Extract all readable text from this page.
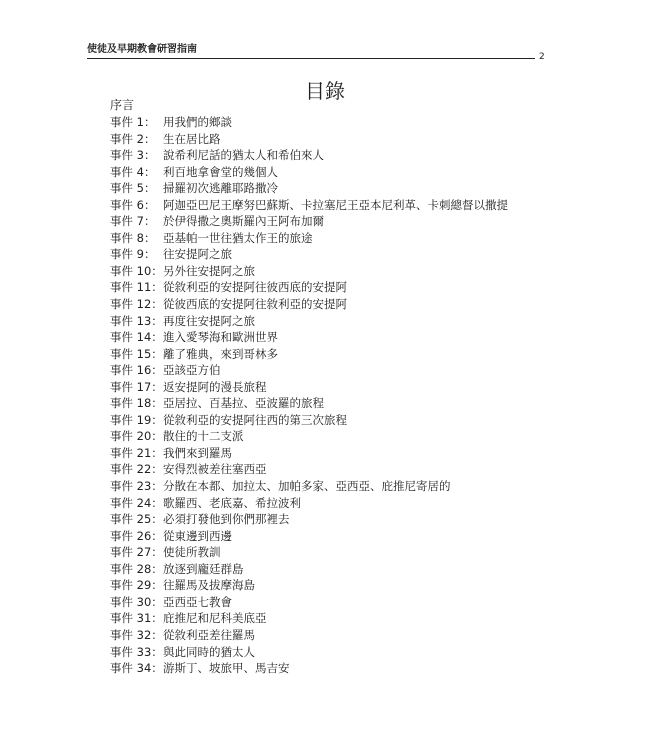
使徒及早期教會研習指南
2
目錄
序言
事件 1： 用我們的鄉談
事件 2： 生在居比路
事件 3： 說希利尼話的猶太人和希伯來人
事件 4： 利百地拿會堂的幾個人
事件 5： 掃羅初次逃離耶路撒冷
事件 6： 阿迦亞巴尼王摩努巴蘇斯、卡拉塞尼王亞本尼利革、卡刺總督以撒提
事件 7： 於伊得撒之奧斯羅內王阿布加爾
事件 8： 亞基帕一世往猶太作王的旅途
事件 9： 往安提阿之旅
事件 10： 另外往安提阿之旅
事件 11： 從敘利亞的安提阿往彼西底的安提阿
事件 12： 從彼西底的安提阿往敘利亞的安提阿
事件 13： 再度往安提阿之旅
事件 14： 進入愛琴海和歐洲世界
事件 15： 離了雅典，來到哥林多
事件 16： 亞該亞方伯
事件 17： 返安提阿的漫長旅程
事件 18： 亞居拉、百基拉、亞波羅的旅程
事件 19： 從敘利亞的安提阿往西的第三次旅程
事件 20： 散住的十二支派
事件 21： 我們來到羅馬
事件 22： 安得烈被差往塞西亞
事件 23： 分散在本都、加拉太、加帕多家、亞西亞、庇推尼寄居的
事件 24： 歌羅西、老底嘉、希拉波利
事件 25： 必須打發他到你們那裡去
事件 26： 從東邊到西邊
事件 27： 使徒所教訓
事件 28： 放逐到龐廷群島
事件 29： 往羅馬及拔摩海島
事件 30： 亞西亞七教會
事件 31： 庇推尼和尼科美底亞
事件 32： 從敘利亞差往羅馬
事件 33： 與此同時的猶太人
事件 34： 游斯丁、坡旅甲、馬吉安
